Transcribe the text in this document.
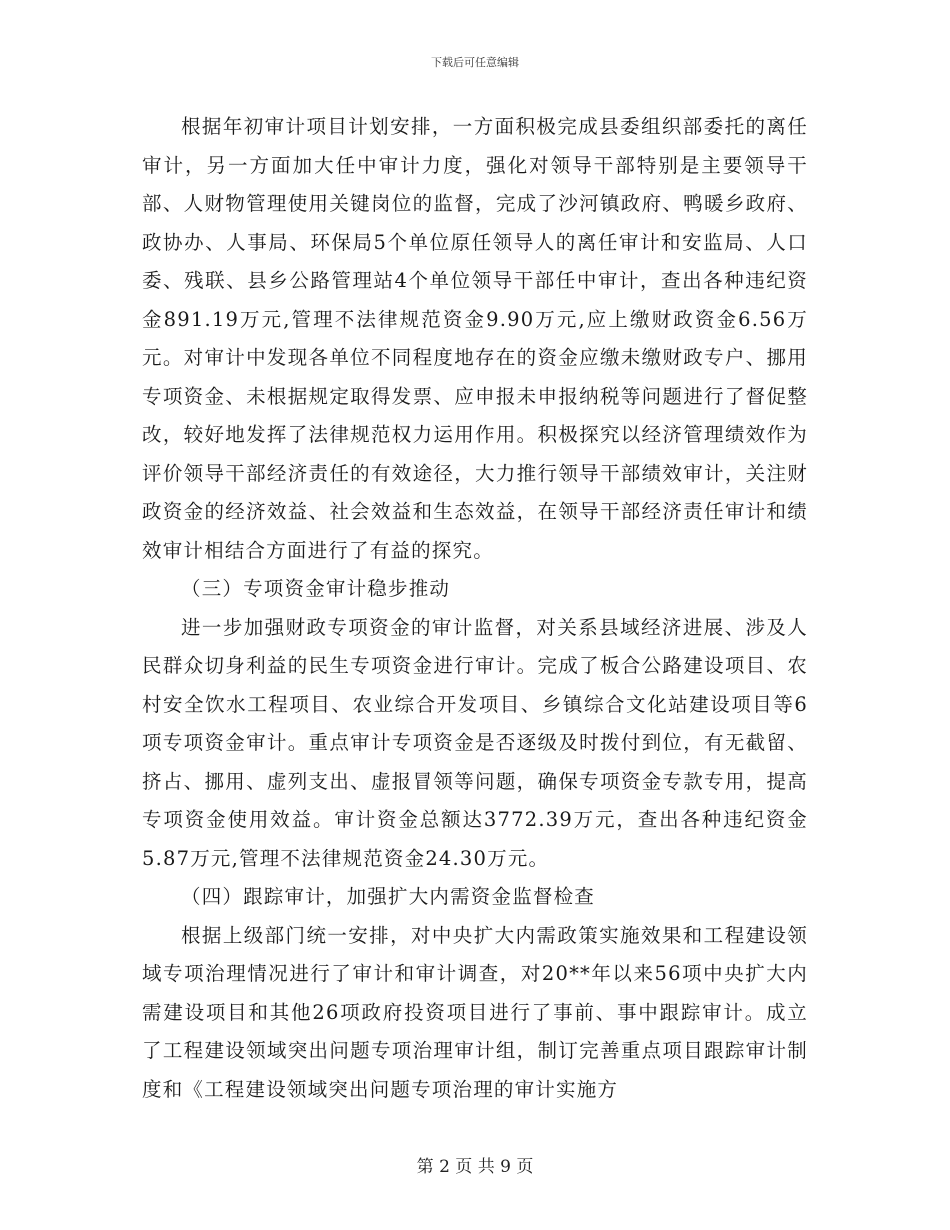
下载后可任意编辑

根据年初审计项目计划安排，一方面积极完成县委组织部委托的离任审计，另一方面加大任中审计力度，强化对领导干部特别是主要领导干部、人财物管理使用关键岗位的监督，完成了沙河镇政府、鸭暖乡政府、政协办、人事局、环保局5个单位原任领导人的离任审计和安监局、人口委、残联、县乡公路管理站4个单位领导干部任中审计，查出各种违纪资金891.19万元,管理不法律规范资金9.90万元,应上缴财政资金6.56万元。对审计中发现各单位不同程度地存在的资金应缴未缴财政专户、挪用专项资金、未根据规定取得发票、应申报未申报纳税等问题进行了督促整改，较好地发挥了法律规范权力运用作用。积极探究以经济管理绩效作为评价领导干部经济责任的有效途径，大力推行领导干部绩效审计，关注财政资金的经济效益、社会效益和生态效益，在领导干部经济责任审计和绩效审计相结合方面进行了有益的探究。

（三）专项资金审计稳步推动

进一步加强财政专项资金的审计监督，对关系县域经济进展、涉及人民群众切身利益的民生专项资金进行审计。完成了板合公路建设项目、农村安全饮水工程项目、农业综合开发项目、乡镇综合文化站建设项目等6项专项资金审计。重点审计专项资金是否逐级及时拨付到位，有无截留、挤占、挪用、虚列支出、虚报冒领等问题，确保专项资金专款专用，提高专项资金使用效益。审计资金总额达3772.39万元，查出各种违纪资金5.87万元,管理不法律规范资金24.30万元。

（四）跟踪审计，加强扩大内需资金监督检查

根据上级部门统一安排，对中央扩大内需政策实施效果和工程建设领域专项治理情况进行了审计和审计调查，对20**年以来56项中央扩大内需建设项目和其他26项政府投资项目进行了事前、事中跟踪审计。成立了工程建设领域突出问题专项治理审计组，制订完善重点项目跟踪审计制度和《工程建设领域突出问题专项治理的审计实施方

第 2 页 共 9 页
